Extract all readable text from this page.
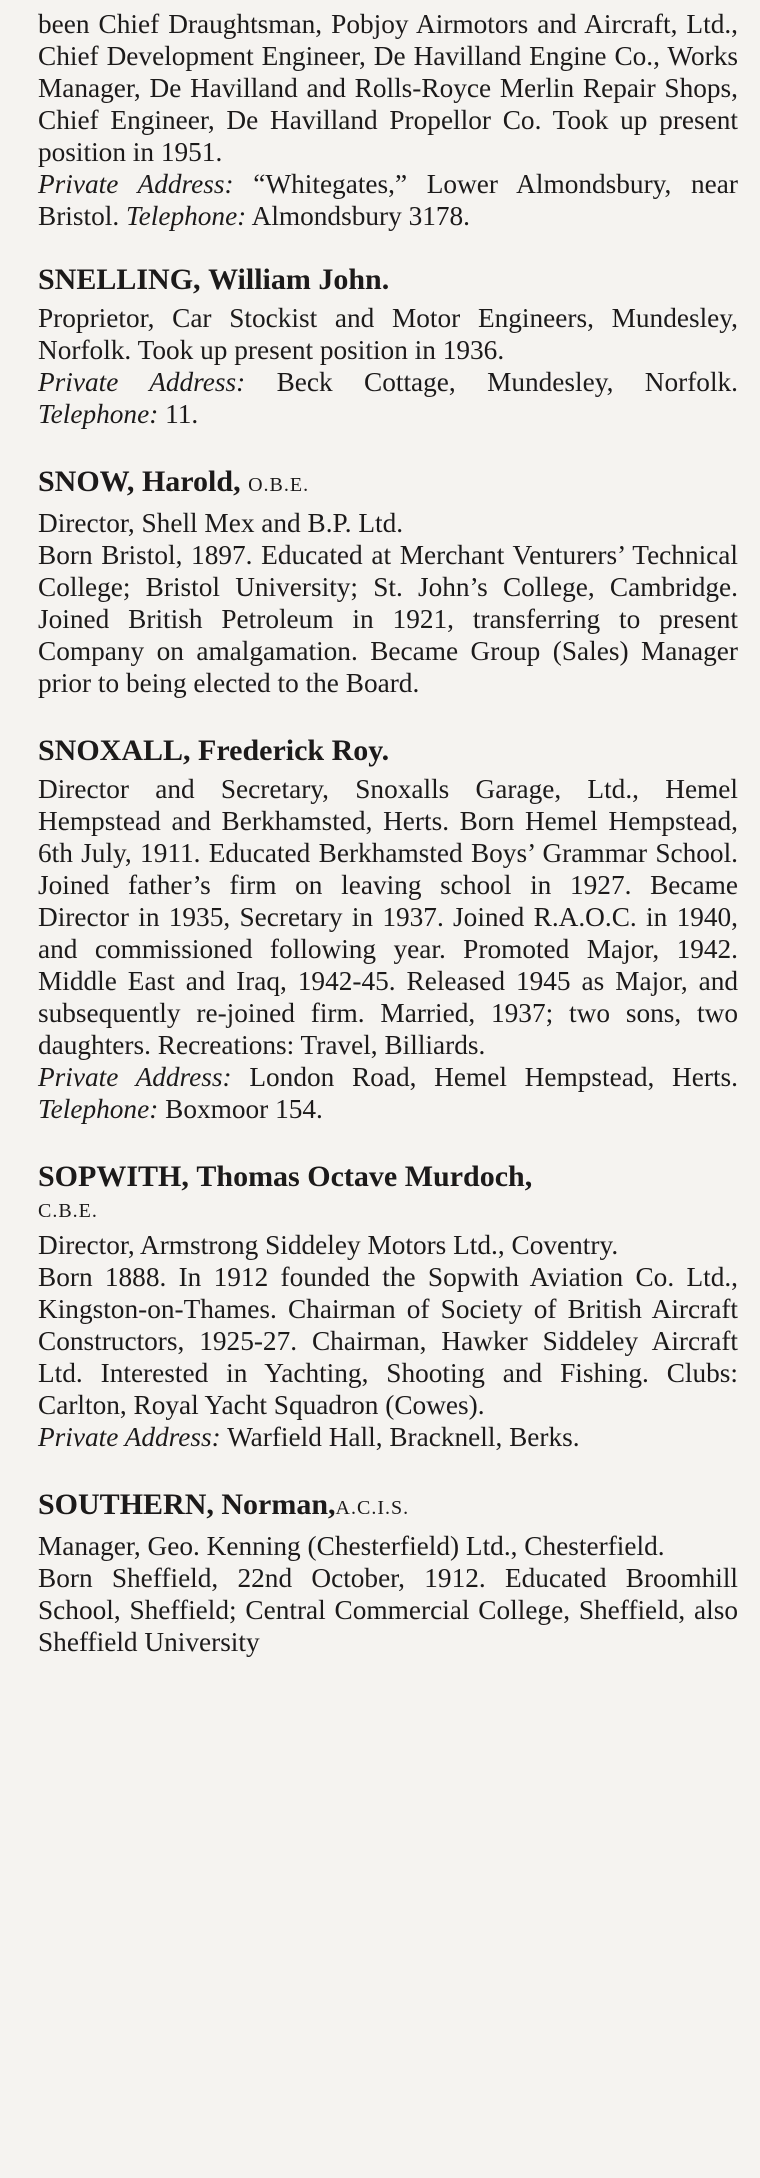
been Chief Draughtsman, Pobjoy Airmotors and Aircraft, Ltd., Chief Development Engineer, De Havilland Engine Co., Works Manager, De Havilland and Rolls-Royce Merlin Repair Shops, Chief Engineer, De Havilland Propellor Co. Took up present position in 1951.

Private Address: “Whitegates,” Lower Almondsbury, near Bristol. Telephone: Almondsbury 3178.

SNELLING, William John.

Proprietor, Car Stockist and Motor Engineers, Mundesley, Norfolk. Took up present position in 1936.

Private Address: Beck Cottage, Mundesley, Norfolk. Telephone: 11.

SNOW, Harold, O.B.E.

Director, Shell Mex and B.P. Ltd.

Born Bristol, 1897. Educated at Merchant Venturers’ Technical College; Bristol University; St. John’s College, Cambridge. Joined British Petroleum in 1921, transferring to present Company on amalgamation. Became Group (Sales) Manager prior to being elected to the Board.

SNOXALL, Frederick Roy.

Director and Secretary, Snoxalls Garage, Ltd., Hemel Hempstead and Berkhamsted, Herts. Born Hemel Hempstead, 6th July, 1911. Educated Berkhamsted Boys’ Grammar School. Joined father’s firm on leaving school in 1927. Became Director in 1935, Secretary in 1937. Joined R.A.O.C. in 1940, and commissioned following year. Promoted Major, 1942. Middle East and Iraq, 1942-45. Released 1945 as Major, and subsequently re-joined firm. Married, 1937; two sons, two daughters. Recreations: Travel, Billiards.

Private Address: London Road, Hemel Hempstead, Herts. Telephone: Boxmoor 154.

SOPWITH, Thomas Octave Murdoch,
C.B.E.

Director, Armstrong Siddeley Motors Ltd., Coventry.

Born 1888. In 1912 founded the Sopwith Aviation Co. Ltd., Kingston-on-Thames. Chairman of Society of British Aircraft Constructors, 1925-27. Chairman, Hawker Siddeley Aircraft Ltd. Interested in Yachting, Shooting and Fishing. Clubs: Carlton, Royal Yacht Squadron (Cowes).

Private Address: Warfield Hall, Bracknell, Berks.

SOUTHERN, Norman,A.C.I.S.

Manager, Geo. Kenning (Chesterfield) Ltd., Chesterfield.

Born Sheffield, 22nd October, 1912. Educated Broomhill School, Sheffield; Central Commercial College, Sheffield, also Sheffield University
